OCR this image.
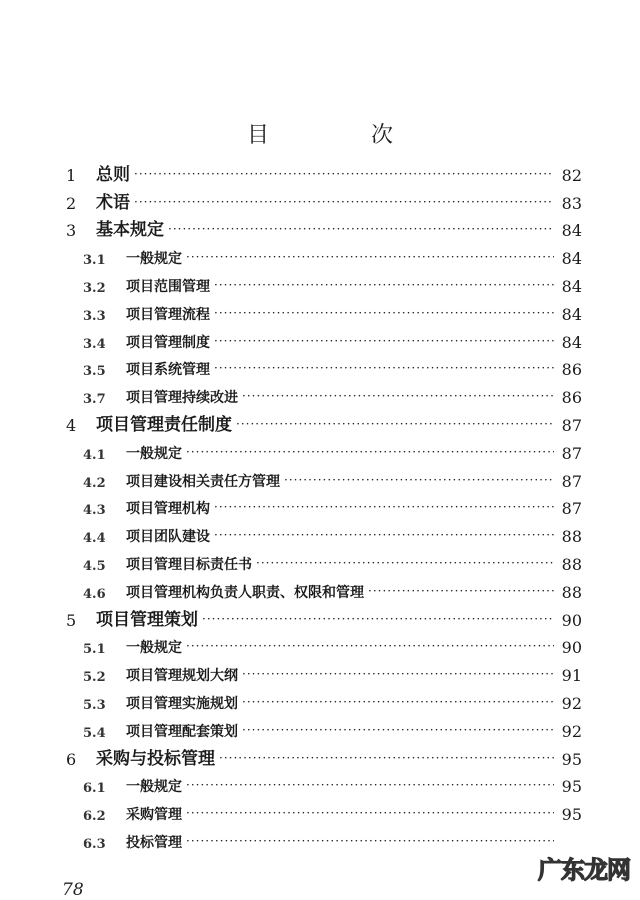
目　次
1	总则 ·····	82
2	术语 ·····	83
3	基本规定 ·····	84
3.1	一般规定 ·····	84
3.2	项目范围管理 ·····	84
3.3	项目管理流程 ·····	84
3.4	项目管理制度 ·····	84
3.5	项目系统管理 ·····	86
3.7	项目管理持续改进 ·····	86
4	项目管理责任制度 ·····	87
4.1	一般规定 ·····	87
4.2	项目建设相关责任方管理 ·····	87
4.3	项目管理机构 ·····	87
4.4	项目团队建设 ·····	88
4.5	项目管理目标责任书 ·····	88
4.6	项目管理机构负责人职责、权限和管理 ·····	88
5	项目管理策划 ·····	90
5.1	一般规定 ·····	90
5.2	项目管理规划大纲 ·····	91
5.3	项目管理实施规划 ·····	92
5.4	项目管理配套策划 ·····	92
6	采购与投标管理 ·····	95
6.1	一般规定 ·····	95
6.2	采购管理 ·····	95
6.3	投标管理
·····
78
广东龙网
